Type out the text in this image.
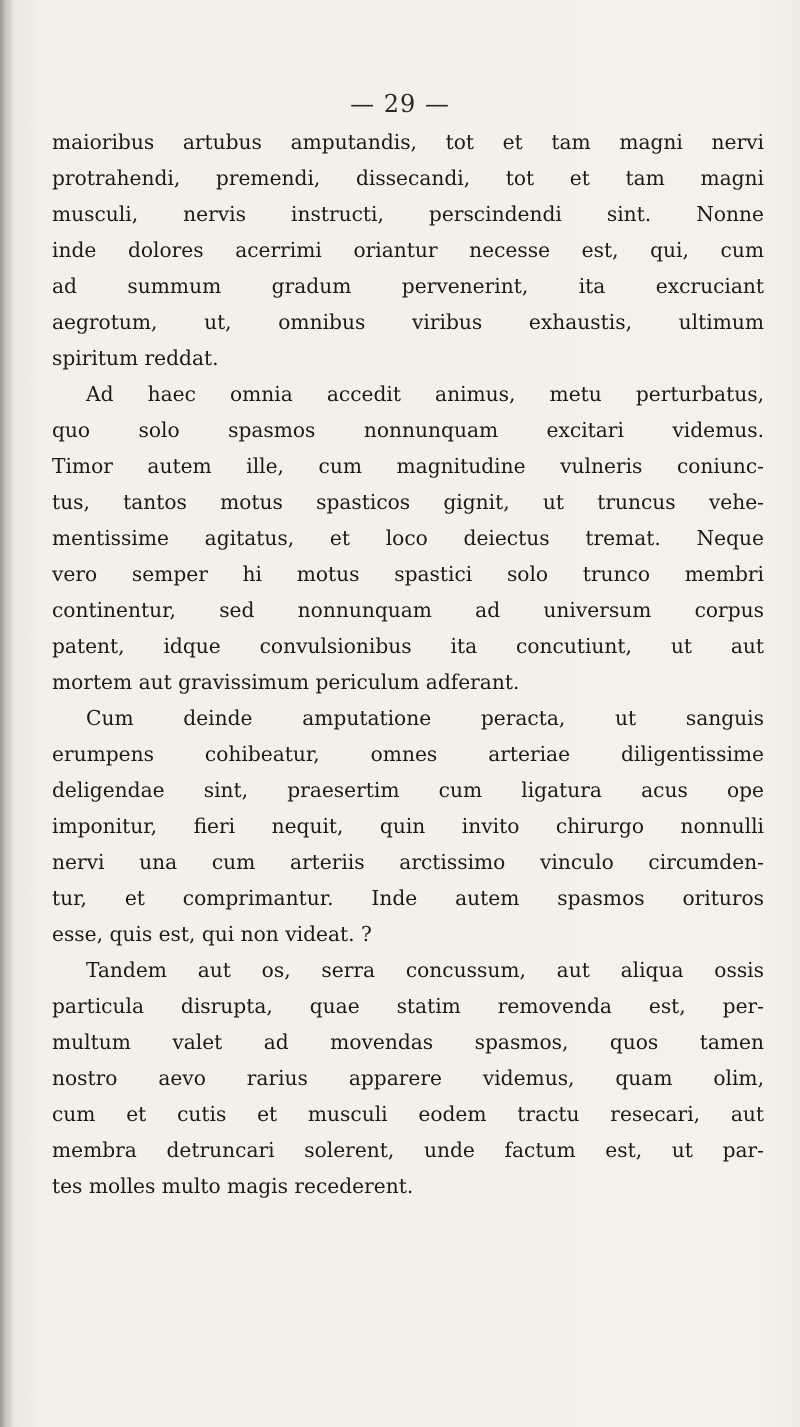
— 29 —
maioribus artubus amputandis, tot et tam magni nervi
protrahendi, premendi, dissecandi, tot et tam magni
musculi, nervis instructi, perscindendi sint. Nonne
inde dolores acerrimi oriantur necesse est, qui, cum
ad summum gradum pervenerint, ita excruciant
aegrotum, ut, omnibus viribus exhaustis, ultimum
spiritum reddat.
Ad haec omnia accedit animus, metu perturbatus,
quo solo spasmos nonnunquam excitari videmus.
Timor autem ille, cum magnitudine vulneris coniunc-
tus, tantos motus spasticos gignit, ut truncus vehe-
mentissime agitatus, et loco deiectus tremat. Neque
vero semper hi motus spastici solo trunco membri
continentur, sed nonnunquam ad universum corpus
patent, idque convulsionibus ita concutiunt, ut aut
mortem aut gravissimum periculum adferant.
Cum deinde amputatione peracta, ut sanguis
erumpens cohibeatur, omnes arteriae diligentissime
deligendae sint, praesertim cum ligatura acus ope
imponitur, fieri nequit, quin invito chirurgo nonnulli
nervi una cum arteriis arctissimo vinculo circumden-
tur, et comprimantur. Inde autem spasmos orituros
esse, quis est, qui non videat. ?
Tandem aut os, serra concussum, aut aliqua ossis
particula disrupta, quae statim removenda est, per-
multum valet ad movendas spasmos, quos tamen
nostro aevo rarius apparere videmus, quam olim,
cum et cutis et musculi eodem tractu resecari, aut
membra detruncari solerent, unde factum est, ut par-
tes molles multo magis recederent.
